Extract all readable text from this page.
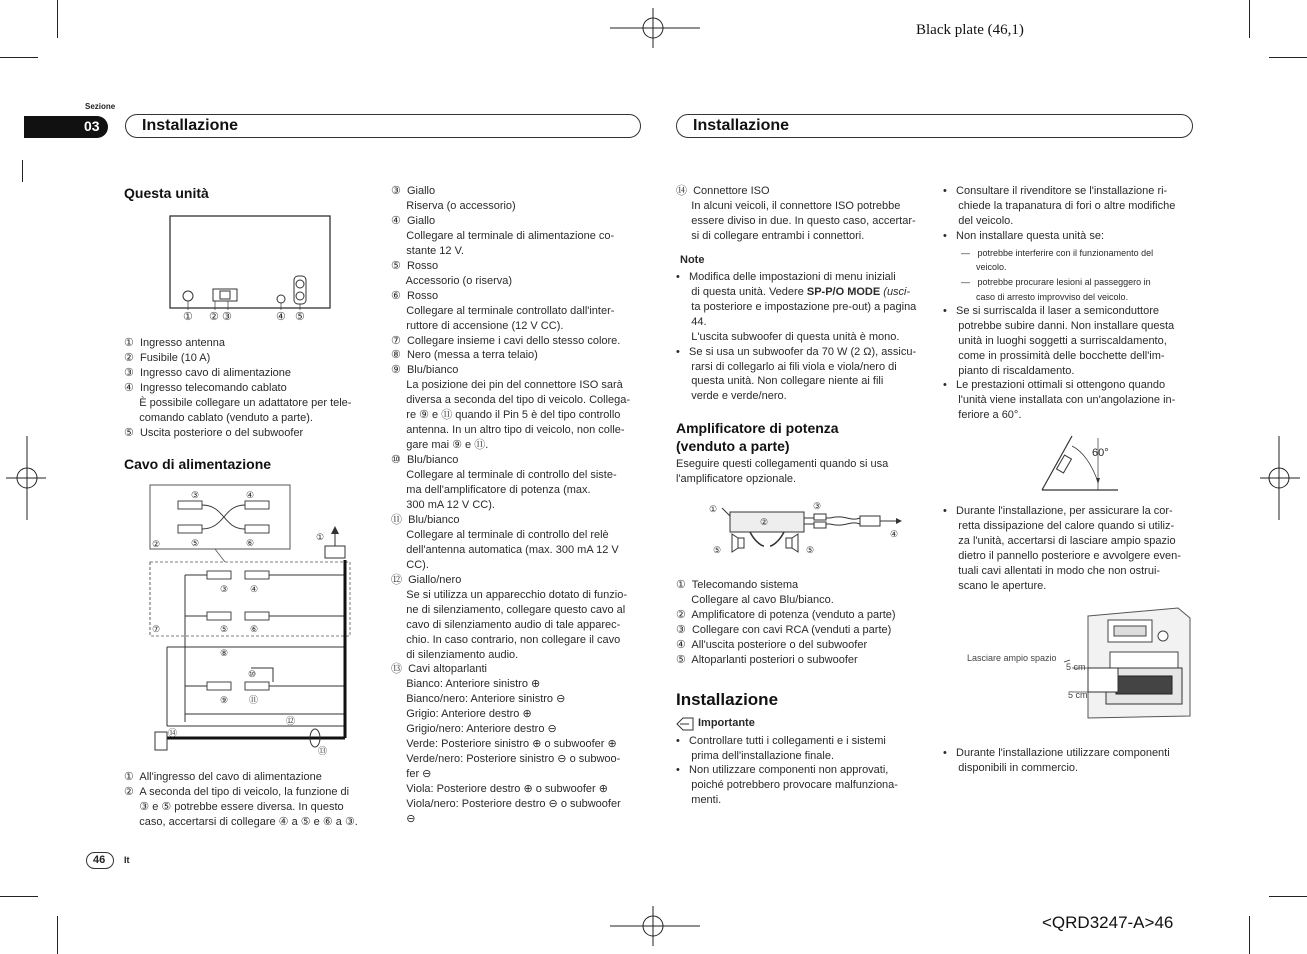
Black plate (46,1)
Sezione
03	Installazione	Installazione
Questa unità
① ② ③	④ ⑤
①  Ingresso antenna
②  Fusibile (10 A)
③  Ingresso cavo di alimentazione
④  Ingresso telecomando cablato
È possibile collegare un adattatore per tele-
comando cablato (venduto a parte).
⑤  Uscita posteriore o del subwoofer
Cavo di alimentazione
③	④
②	⑤	⑥
①
③ ④
⑦	⑤ ⑥
⑧
⑩
⑨ ⑪
⑫
⑭
⑬
①  All'ingresso del cavo di alimentazione
②  A seconda del tipo di veicolo, la funzione di
③ e ⑤ potrebbe essere diversa. In questo
caso, accertarsi di collegare ④ a ⑤ e ⑥ a ③.
③  Giallo
Riserva (o accessorio)
④  Giallo
Collegare al terminale di alimentazione co-
stante 12 V.
⑤  Rosso
Accessorio (o riserva)
⑥  Rosso
Collegare al terminale controllato dall'inter-
ruttore di accensione (12 V CC).
⑦  Collegare insieme i cavi dello stesso colore.
⑧  Nero (messa a terra telaio)
⑨  Blu/bianco
La posizione dei pin del connettore ISO sarà
diversa a seconda del tipo di veicolo. Collega-
re ⑨ e ⑪ quando il Pin 5 è del tipo controllo
antenna. In un altro tipo di veicolo, non colle-
gare mai ⑨ e ⑪.
⑩  Blu/bianco
Collegare al terminale di controllo del siste-
ma dell'amplificatore di potenza (max.
300 mA 12 V CC).
⑪  Blu/bianco
Collegare al terminale di controllo del relè
dell'antenna automatica (max. 300 mA 12 V
CC).
⑫  Giallo/nero
Se si utilizza un apparecchio dotato di funzio-
ne di silenziamento, collegare questo cavo al
cavo di silenziamento audio di tale apparec-
chio. In caso contrario, non collegare il cavo
di silenziamento audio.
⑬  Cavi altoparlanti
Bianco: Anteriore sinistro ⊕
Bianco/nero: Anteriore sinistro ⊖
Grigio: Anteriore destro ⊕
Grigio/nero: Anteriore destro ⊖
Verde: Posteriore sinistro ⊕ o subwoofer ⊕
Verde/nero: Posteriore sinistro ⊖ o subwoo-
fer ⊖
Viola: Posteriore destro ⊕ o subwoofer ⊕
Viola/nero: Posteriore destro ⊖ o subwoofer
⊖
⑭  Connettore ISO
In alcuni veicoli, il connettore ISO potrebbe
essere diviso in due. In questo caso, accertar-
si di collegare entrambi i connettori.
Note
•   Modifica delle impostazioni di menu iniziali
di questa unità. Vedere SP-P/O MODE (usci-
ta posteriore e impostazione pre-out) a pagina
44.
L'uscita subwoofer di questa unità è mono.
•   Se si usa un subwoofer da 70 W (2 Ω), assicu-
rarsi di collegarlo ai fili viola e viola/nero di
questa unità. Non collegare niente ai fili
verde e verde/nero.
Amplificatore di potenza
(venduto a parte)
Eseguire questi collegamenti quando si usa
l'amplificatore opzionale.
①
②
③
④
⑤	⑤
①  Telecomando sistema
Collegare al cavo Blu/bianco.
②  Amplificatore di potenza (venduto a parte)
③  Collegare con cavi RCA (venduti a parte)
④  All'uscita posteriore o del subwoofer
⑤  Altoparlanti posteriori o subwoofer
Installazione
Importante
•   Controllare tutti i collegamenti e i sistemi
prima dell'installazione finale.
•   Non utilizzare componenti non approvati,
poiché potrebbero provocare malfunziona-
menti.
•   Consultare il rivenditore se l'installazione ri-
chiede la trapanatura di fori o altre modifiche
del veicolo.
•   Non installare questa unità se:
—   potrebbe interferire con il funzionamento del
veicolo.
—   potrebbe procurare lesioni al passeggero in
caso di arresto improvviso del veicolo.
•   Se si surriscalda il laser a semiconduttore
potrebbe subire danni. Non installare questa
unità in luoghi soggetti a surriscaldamento,
come in prossimità delle bocchette dell'im-
pianto di riscaldamento.
•   Le prestazioni ottimali si ottengono quando
l'unità viene installata con un'angolazione in-
feriore a 60°.
60°
•   Durante l'installazione, per assicurare la cor-
retta dissipazione del calore quando si utiliz-
za l'unità, accertarsi di lasciare ampio spazio
dietro il pannello posteriore e avvolgere even-
tuali cavi allentati in modo che non ostrui-
scano le aperture.
Lasciare ampio spazio
5 cm
5 cm
•   Durante l'installazione utilizzare componenti
disponibili in commercio.
46 It
<QRD3247-A>46
